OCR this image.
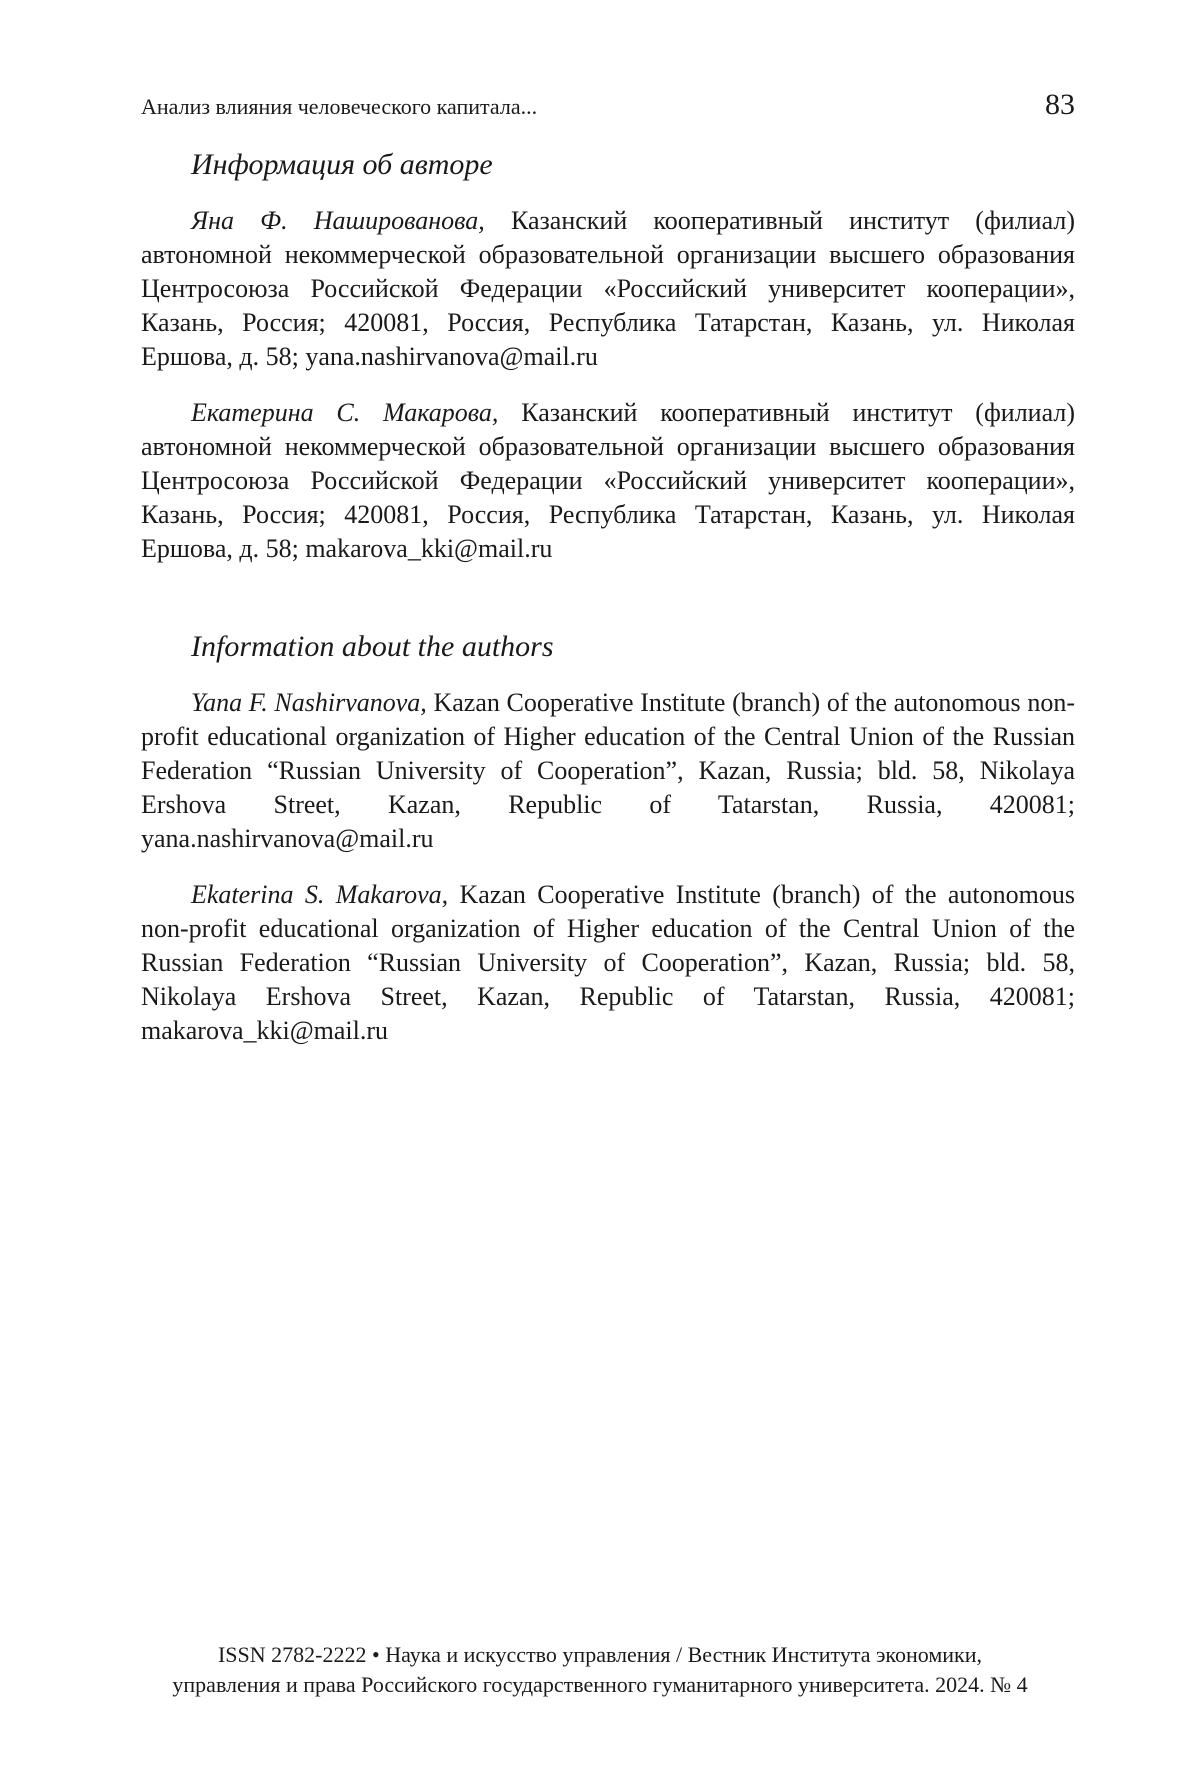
Анализ влияния человеческого капитала...	83
Информация об авторе

Яна Ф. Нашированова, Казанский кооперативный институт (филиал) автономной некоммерческой образовательной организации высшего образования Центросоюза Российской Федерации «Российский университет кооперации», Казань, Россия; 420081, Россия, Республика Татарстан, Казань, ул. Николая Ершова, д. 58; yana.nashirvanova@mail.ru

Екатерина С. Макарова, Казанский кооперативный институт (филиал) автономной некоммерческой образовательной организации высшего образования Центросоюза Российской Федерации «Российский университет кооперации», Казань, Россия; 420081, Россия, Республика Татарстан, Казань, ул. Николая Ершова, д. 58; makarova_kki@mail.ru

Information about the authors

Yana F. Nashirvanova, Kazan Cooperative Institute (branch) of the autonomous non-profit educational organization of Higher education of the Central Union of the Russian Federation “Russian University of Cooperation”, Kazan, Russia; bld. 58, Nikolaya Ershova Street, Kazan, Republic of Tatarstan, Russia, 420081; yana.nashirvanova@mail.ru

Ekaterina S. Makarova, Kazan Cooperative Institute (branch) of the autonomous non-profit educational organization of Higher education of the Central Union of the Russian Federation “Russian University of Cooperation”, Kazan, Russia; bld. 58, Nikolaya Ershova Street, Kazan, Republic of Tatarstan, Russia, 420081; makarova_kki@mail.ru

ISSN 2782-2222 • Наука и искусство управления / Вестник Института экономики,
управления и права Российского государственного гуманитарного университета. 2024. № 4
